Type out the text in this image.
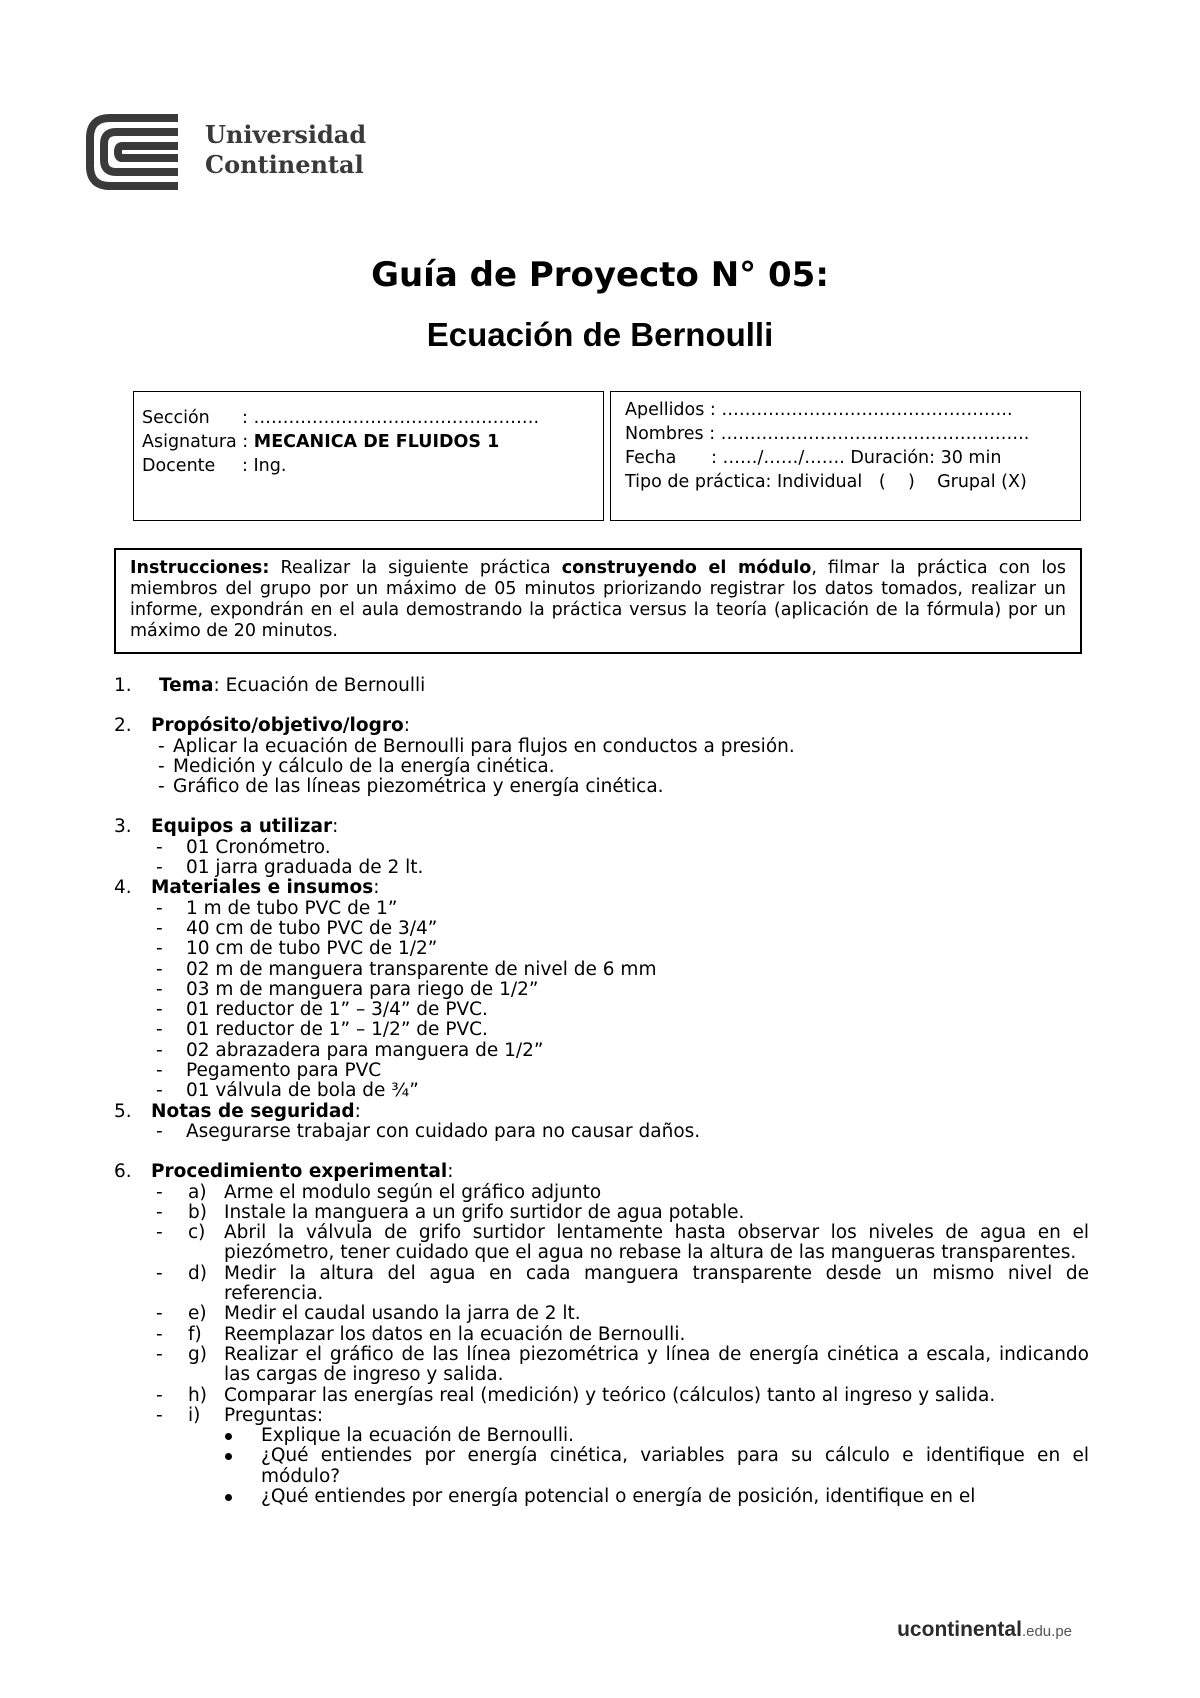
Universidad
Continental
Guía de Proyecto N° 05:
Ecuación de Bernoulli
Sección : ………………………………………….
Asignatura : MECANICA DE FLUIDOS 1
Docente : Ing.
Apellidos : …………………………………………..
Nombres : ……………………………………………..
Fecha : ……/……/……. Duración: 30 min
Tipo de práctica: Individual   (    )    Grupal (X)
Instrucciones: Realizar la siguiente práctica construyendo el módulo, filmar la práctica con los miembros del grupo por un máximo de 05 minutos priorizando registrar los datos tomados, realizar un informe, expondrán en el aula demostrando la práctica versus la teoría (aplicación de la fórmula) por un máximo de 20 minutos.
1. Tema: Ecuación de Bernoulli
2. Propósito/objetivo/logro:
- Aplicar la ecuación de Bernoulli para flujos en conductos a presión.
- Medición y cálculo de la energía cinética.
- Gráfico de las líneas piezométrica y energía cinética.
3. Equipos a utilizar:
- 01 Cronómetro.
- 01 jarra graduada de 2 lt.
4. Materiales e insumos:
- 1 m de tubo PVC de 1”
- 40 cm de tubo PVC de 3/4”
- 10 cm de tubo PVC de 1/2”
- 02 m de manguera transparente de nivel de 6 mm
- 03 m de manguera para riego de 1/2”
- 01 reductor de 1” – 3/4” de PVC.
- 01 reductor de 1” – 1/2” de PVC.
- 02 abrazadera para manguera de 1/2”
- Pegamento para PVC
- 01 válvula de bola de ¾”
5. Notas de seguridad:
- Asegurarse trabajar con cuidado para no causar daños.
6. Procedimiento experimental:
- a) Arme el modulo según el gráfico adjunto
- b) Instale la manguera a un grifo surtidor de agua potable.
- c) Abril la válvula de grifo surtidor lentamente hasta observar los niveles de agua en el piezómetro, tener cuidado que el agua no rebase la altura de las mangueras transparentes.
- d) Medir la altura del agua en cada manguera transparente desde un mismo nivel de referencia.
- e) Medir el caudal usando la jarra de 2 lt.
- f) Reemplazar los datos en la ecuación de Bernoulli.
- g) Realizar el gráfico de las línea piezométrica y línea de energía cinética a escala, indicando las cargas de ingreso y salida.
- h) Comparar las energías real (medición) y teórico (cálculos) tanto al ingreso y salida.
- i) Preguntas:
Explique la ecuación de Bernoulli.
¿Qué entiendes por energía cinética, variables para su cálculo e identifique en el módulo?
¿Qué entiendes por energía potencial o energía de posición, identifique en el
ucontinental.edu.pe
